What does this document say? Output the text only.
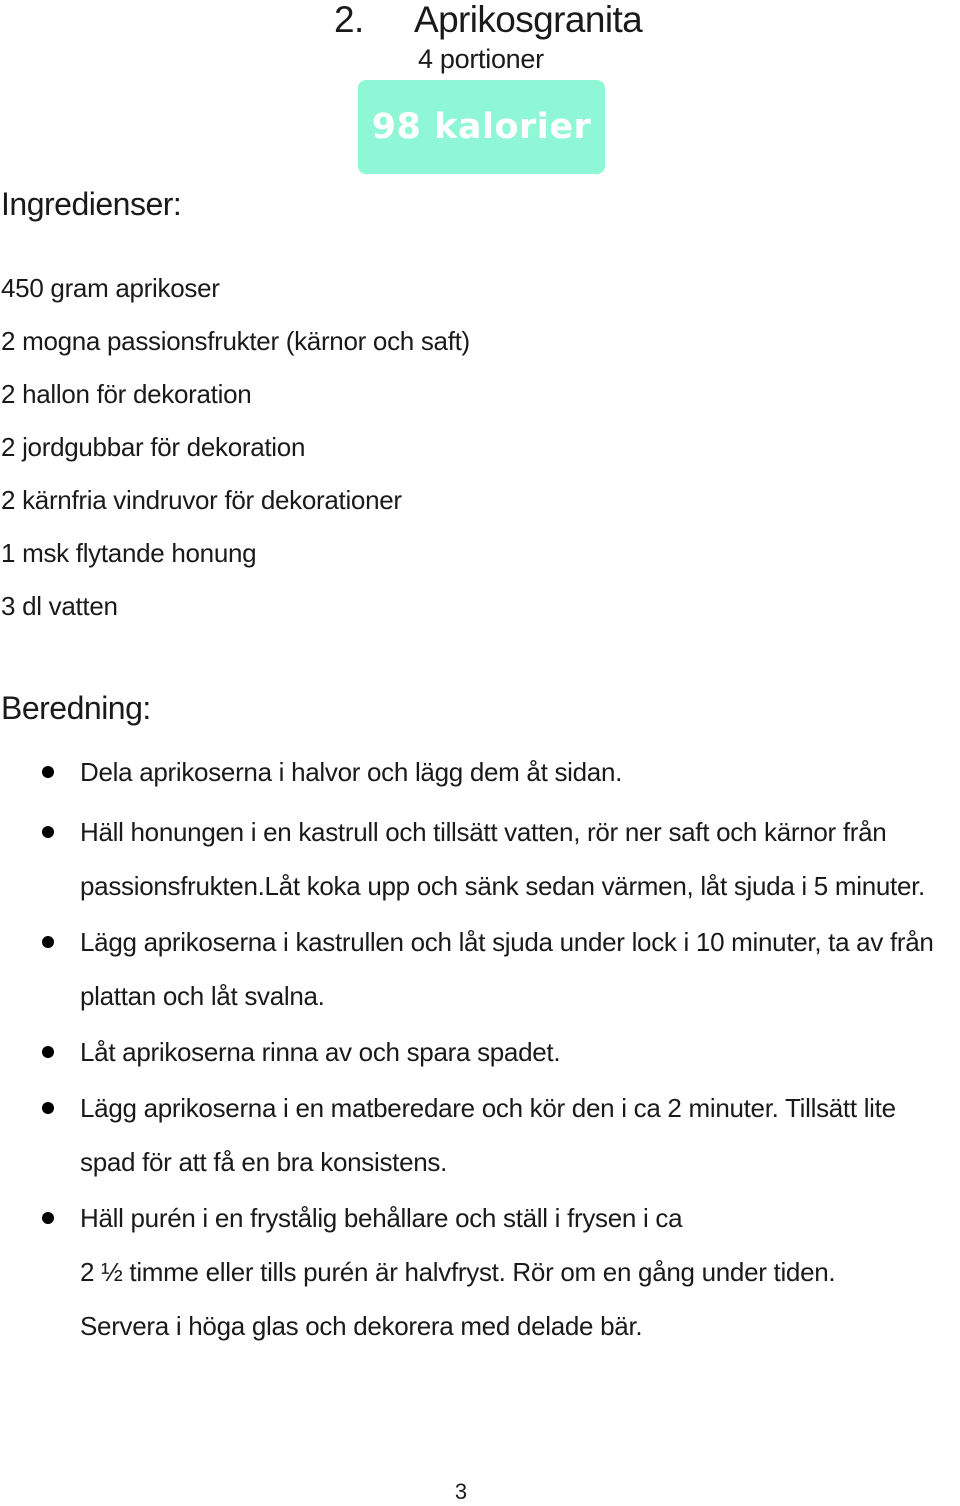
2. Aprikosgranita
4 portioner
98 kalorier
Ingredienser:
450 gram aprikoser
2 mogna passionsfrukter (kärnor och saft)
2 hallon för dekoration
2 jordgubbar för dekoration
2 kärnfria vindruvor för dekorationer
1 msk flytande honung
3 dl vatten
Beredning:
Dela aprikoserna i halvor och lägg dem åt sidan.
Häll honungen i en kastrull och tillsätt vatten, rör ner saft och kärnor från
passionsfrukten.Låt koka upp och sänk sedan värmen, låt sjuda i 5 minuter.
Lägg aprikoserna i kastrullen och låt sjuda under lock i 10 minuter, ta av från
plattan och låt svalna.
Låt aprikoserna rinna av och spara spadet.
Lägg aprikoserna i en matberedare och kör den i ca 2 minuter. Tillsätt lite
spad för att få en bra konsistens.
Häll purén i en frystålig behållare och ställ i frysen i ca
2 ½ timme eller tills purén är halvfryst. Rör om en gång under tiden.
Servera i höga glas och dekorera med delade bär.
3
